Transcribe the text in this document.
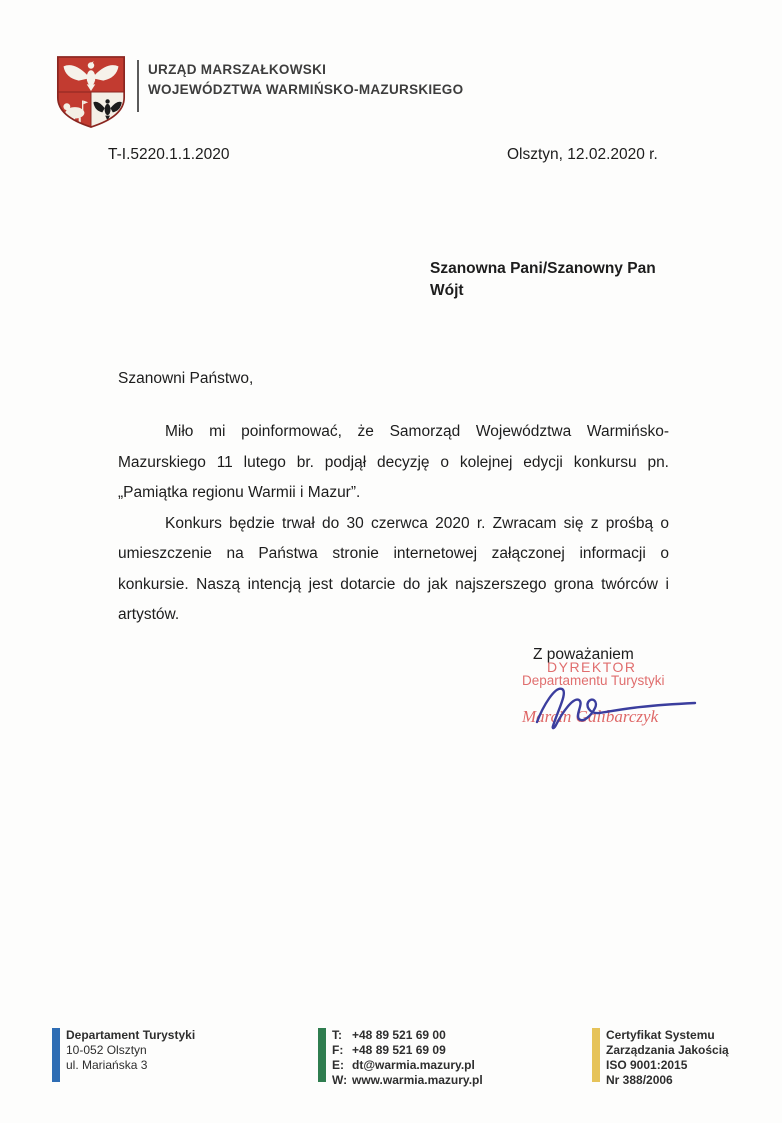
URZĄD MARSZAŁKOWSKI
WOJEWÓDZTWA WARMIŃSKO-MAZURSKIEGO
T-I.5220.1.1.2020	Olsztyn, 12.02.2020 r.
Szanowna Pani/Szanowny Pan
Wójt
Szanowni Państwo,

Miło mi poinformować, że Samorząd Województwa Warmińsko-Mazurskiego 11 lutego br. podjął decyzję o kolejnej edycji konkursu pn. „Pamiątka regionu Warmii i Mazur”.

Konkurs będzie trwał do 30 czerwca 2020 r. Zwracam się z prośbą o umieszczenie na Państwa stronie internetowej załączonej informacji o konkursie. Naszą intencją jest dotarcie do jak najszerszego grona twórców i artystów.

Z poważaniem
DYREKTOR
Departamentu Turystyki
Marcin Galibarczyk
Departament Turystyki
10-052 Olsztyn
ul. Mariańska 3
T: +48 89 521 69 00
F: +48 89 521 69 09
E: dt@warmia.mazury.pl
W: www.warmia.mazury.pl
Certyfikat Systemu
Zarządzania Jakością
ISO 9001:2015
Nr 388/2006
